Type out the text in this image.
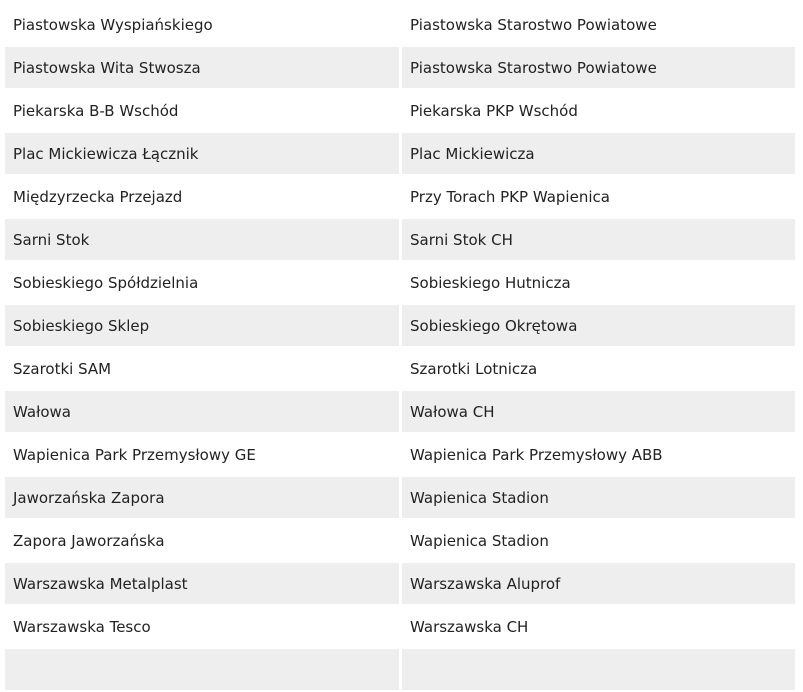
Piastowska Wyspiańskiego	Piastowska Starostwo Powiatowe
Piastowska Wita Stwosza	Piastowska Starostwo Powiatowe
Piekarska B-B Wschód	Piekarska PKP Wschód
Plac Mickiewicza Łącznik	Plac Mickiewicza
Międzyrzecka Przejazd	Przy Torach PKP Wapienica
Sarni Stok	Sarni Stok CH
Sobieskiego Spółdzielnia	Sobieskiego Hutnicza
Sobieskiego Sklep	Sobieskiego Okrętowa
Szarotki SAM	Szarotki Lotnicza
Wałowa	Wałowa CH
Wapienica Park Przemysłowy GE	Wapienica Park Przemysłowy ABB
Jaworzańska Zapora	Wapienica Stadion
Zapora Jaworzańska	Wapienica Stadion
Warszawska Metalplast	Warszawska Aluprof
Warszawska Tesco	Warszawska CH
